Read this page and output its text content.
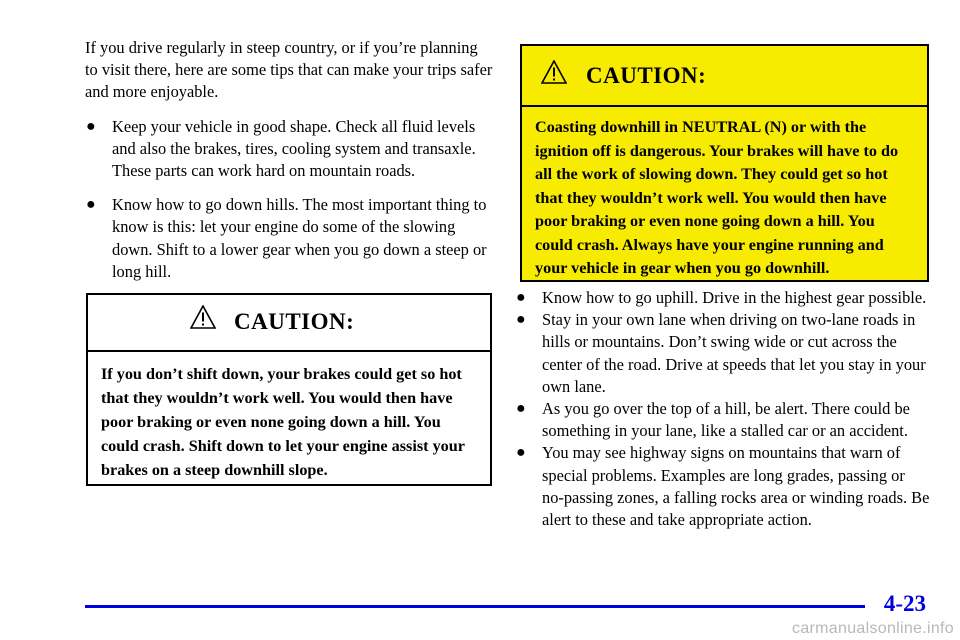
If you drive regularly in steep country, or if you’re planning to visit there, here are some tips that can make your trips safer and more enjoyable.

● Keep your vehicle in good shape. Check all fluid levels and also the brakes, tires, cooling system and transaxle. These parts can work hard on mountain roads.
● Know how to go down hills. The most important thing to know is this: let your engine do some of the slowing down. Shift to a lower gear when you go down a steep or long hill.
CAUTION:
If you don’t shift down, your brakes could get so hot that they wouldn’t work well. You would then have poor braking or even none going down a hill. You could crash. Shift down to let your engine assist your brakes on a steep downhill slope.
CAUTION:
Coasting downhill in NEUTRAL (N) or with the ignition off is dangerous. Your brakes will have to do all the work of slowing down. They could get so hot that they wouldn’t work well. You would then have poor braking or even none going down a hill. You could crash. Always have your engine running and your vehicle in gear when you go downhill.
● Know how to go uphill. Drive in the highest gear possible.
● Stay in your own lane when driving on two-lane roads in hills or mountains. Don’t swing wide or cut across the center of the road. Drive at speeds that let you stay in your own lane.
● As you go over the top of a hill, be alert. There could be something in your lane, like a stalled car or an accident.
● You may see highway signs on mountains that warn of special problems. Examples are long grades, passing or no-passing zones, a falling rocks area or winding roads. Be alert to these and take appropriate action.
4-23
carmanualsonline.info
